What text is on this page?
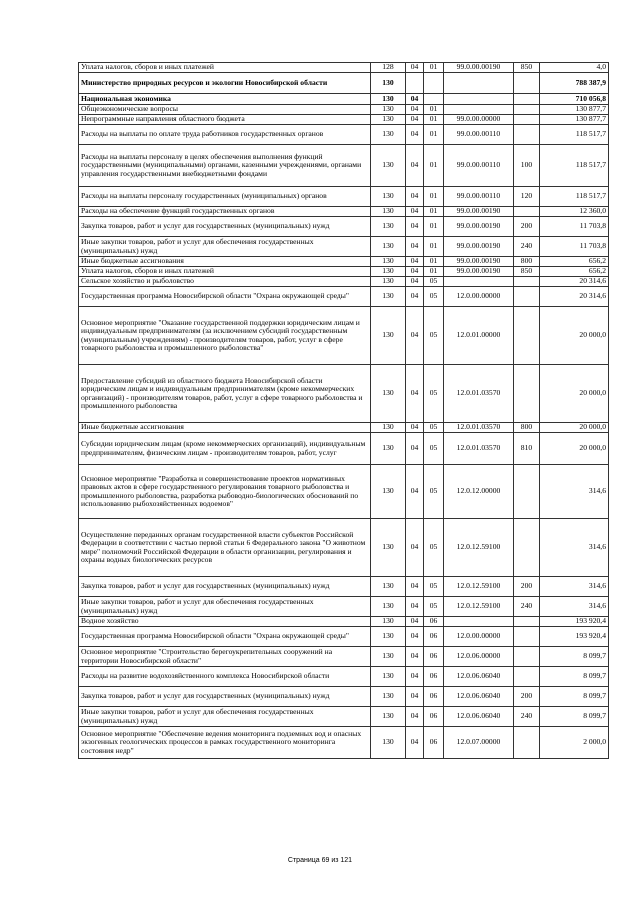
Уплата налогов, сборов и иных платежей	128	04	01	99.0.00.00190	850	4,0
Министерство природных ресурсов и экологии Новосибирской области	130					788 387,9
Национальная экономика	130	04				710 056,8
Общеэкономические вопросы	130	04	01			130 877,7
Непрограммные направления областного бюджета	130	04	01	99.0.00.00000		130 877,7
Расходы на выплаты по оплате труда работников государственных органов	130	04	01	99.0.00.00110		118 517,7
Расходы на выплаты персоналу в целях обеспечения выполнения функций государственными (муниципальными) органами, казенными учреждениями, органами управления государственными внебюджетными фондами	130	04	01	99.0.00.00110	100	118 517,7
Расходы на выплаты персоналу государственных (муниципальных) органов	130	04	01	99.0.00.00110	120	118 517,7
Расходы на обеспечение функций государственных органов	130	04	01	99.0.00.00190		12 360,0
Закупка товаров, работ и услуг для государственных (муниципальных) нужд	130	04	01	99.0.00.00190	200	11 703,8
Иные закупки товаров, работ и услуг для обеспечения государственных (муниципальных) нужд	130	04	01	99.0.00.00190	240	11 703,8
Иные бюджетные ассигнования	130	04	01	99.0.00.00190	800	656,2
Уплата налогов, сборов и иных платежей	130	04	01	99.0.00.00190	850	656,2
Сельское хозяйство и рыболовство	130	04	05			20 314,6
Государственная программа Новосибирской области "Охрана окружающей среды"	130	04	05	12.0.00.00000		20 314,6
Основное мероприятие "Оказание государственной поддержки юридическим лицам и индивидуальным предпринимателям (за исключением субсидий государственным (муниципальным) учреждениям) - производителям товаров, работ, услуг в сфере товарного рыболовства и промышленного рыболовства"	130	04	05	12.0.01.00000		20 000,0
Предоставление субсидий из областного бюджета Новосибирской области юридическим лицам и индивидуальным предпринимателям (кроме некоммерческих организаций) - производителям товаров, работ, услуг в сфере товарного рыболовства и промышленного рыболовства	130	04	05	12.0.01.03570		20 000,0
Иные бюджетные ассигнования	130	04	05	12.0.01.03570	800	20 000,0
Субсидии юридическим лицам (кроме некоммерческих организаций), индивидуальным предпринимателям, физическим лицам - производителям товаров, работ, услуг	130	04	05	12.0.01.03570	810	20 000,0
Основное мероприятие "Разработка и совершенствование проектов нормативных правовых актов в сфере государственного регулирования товарного рыболовства и промышленного рыболовства, разработка рыбоводно-биологических обоснований по использованию рыбохозяйственных водоемов"	130	04	05	12.0.12.00000		314,6
Осуществление переданных органам государственной власти субъектов Российской Федерации в соответствии с частью первой статьи 6 Федерального закона "О животном мире" полномочий Российской Федерации в области организации, регулирования и охраны водных биологических ресурсов	130	04	05	12.0.12.59100		314,6
Закупка товаров, работ и услуг для государственных (муниципальных) нужд	130	04	05	12.0.12.59100	200	314,6
Иные закупки товаров, работ и услуг для обеспечения государственных (муниципальных) нужд	130	04	05	12.0.12.59100	240	314,6
Водное хозяйство	130	04	06			193 920,4
Государственная программа Новосибирской области "Охрана окружающей среды"	130	04	06	12.0.00.00000		193 920,4
Основное мероприятие "Строительство берегоукрепительных сооружений на территории Новосибирской области"	130	04	06	12.0.06.00000		8 099,7
Расходы на развитие водохозяйственного комплекса Новосибирской области	130	04	06	12.0.06.06040		8 099,7
Закупка товаров, работ и услуг для государственных (муниципальных) нужд	130	04	06	12.0.06.06040	200	8 099,7
Иные закупки товаров, работ и услуг для обеспечения государственных (муниципальных) нужд	130	04	06	12.0.06.06040	240	8 099,7
Основное мероприятие "Обеспечение ведения мониторинга подземных вод и опасных экзогенных геологических процессов в рамках государственного мониторинга состояния недр"	130	04	06	12.0.07.00000		2 000,0
Страница 69 из 121
